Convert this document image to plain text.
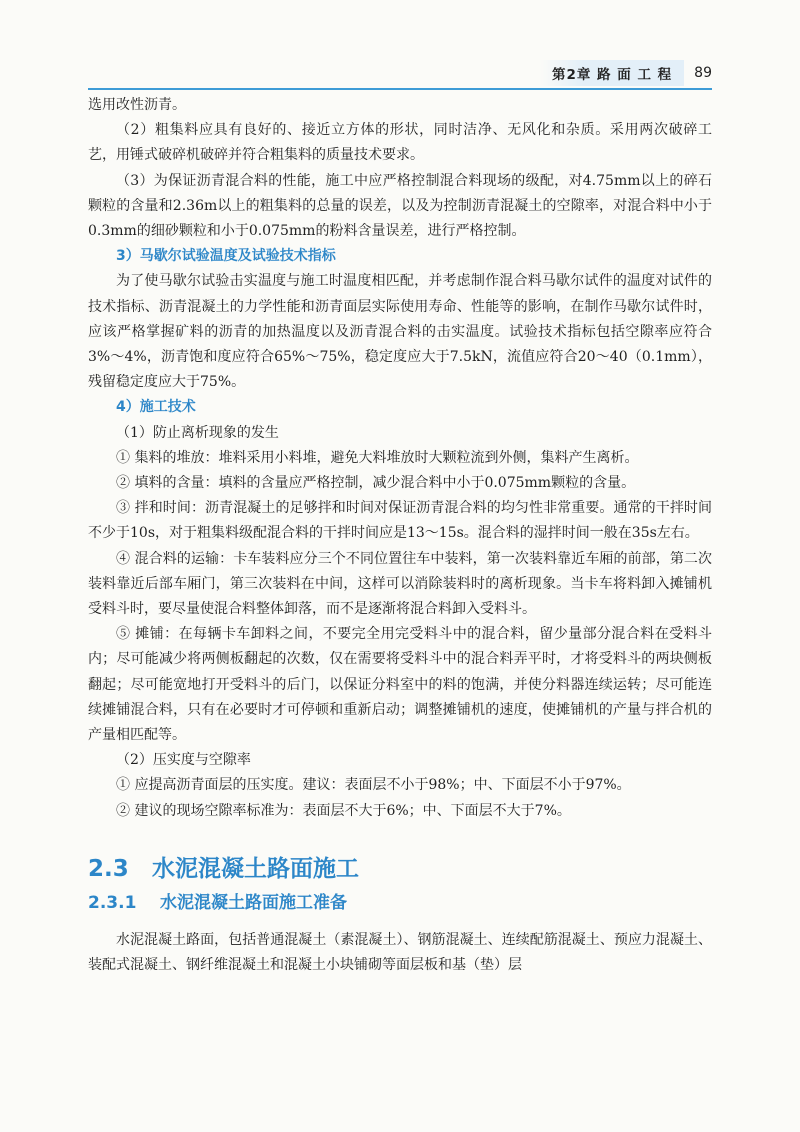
第2章 路 面 工 程	89

选用改性沥青。

（2）粗集料应具有良好的、接近立方体的形状，同时洁净、无风化和杂质。采用两次破碎工艺，用锤式破碎机破碎并符合粗集料的质量技术要求。

（3）为保证沥青混合料的性能，施工中应严格控制混合料现场的级配，对4.75mm以上的碎石颗粒的含量和2.36m以上的粗集料的总量的误差，以及为控制沥青混凝土的空隙率，对混合料中小于0.3mm的细砂颗粒和小于0.075mm的粉料含量误差，进行严格控制。

3）马歇尔试验温度及试验技术指标

为了使马歇尔试验击实温度与施工时温度相匹配，并考虑制作混合料马歇尔试件的温度对试件的技术指标、沥青混凝土的力学性能和沥青面层实际使用寿命、性能等的影响，在制作马歇尔试件时，应该严格掌握矿料的沥青的加热温度以及沥青混合料的击实温度。试验技术指标包括空隙率应符合3%～4%，沥青饱和度应符合65%～75%，稳定度应大于7.5kN，流值应符合20～40（0.1mm），残留稳定度应大于75%。

4）施工技术

（1）防止离析现象的发生

① 集料的堆放：堆料采用小料堆，避免大料堆放时大颗粒流到外侧，集料产生离析。

② 填料的含量：填料的含量应严格控制，减少混合料中小于0.075mm颗粒的含量。

③ 拌和时间：沥青混凝土的足够拌和时间对保证沥青混合料的均匀性非常重要。通常的干拌时间不少于10s，对于粗集料级配混合料的干拌时间应是13～15s。混合料的湿拌时间一般在35s左右。

④ 混合料的运输：卡车装料应分三个不同位置往车中装料，第一次装料靠近车厢的前部，第二次装料靠近后部车厢门，第三次装料在中间，这样可以消除装料时的离析现象。当卡车将料卸入摊铺机受料斗时，要尽量使混合料整体卸落，而不是逐渐将混合料卸入受料斗。

⑤ 摊铺：在每辆卡车卸料之间，不要完全用完受料斗中的混合料，留少量部分混合料在受料斗内；尽可能减少将两侧板翻起的次数，仅在需要将受料斗中的混合料弄平时，才将受料斗的两块侧板翻起；尽可能宽地打开受料斗的后门，以保证分料室中的料的饱满，并使分料器连续运转；尽可能连续摊铺混合料，只有在必要时才可停顿和重新启动；调整摊铺机的速度，使摊铺机的产量与拌合机的产量相匹配等。

（2）压实度与空隙率

① 应提高沥青面层的压实度。建议：表面层不小于98%；中、下面层不小于97%。

② 建议的现场空隙率标准为：表面层不大于6%；中、下面层不大于7%。

2.3	水泥混凝土路面施工
2.3.1	水泥混凝土路面施工准备

水泥混凝土路面，包括普通混凝土（素混凝土）、钢筋混凝土、连续配筋混凝土、预应力混凝土、装配式混凝土、钢纤维混凝土和混凝土小块铺砌等面层板和基（垫）层
